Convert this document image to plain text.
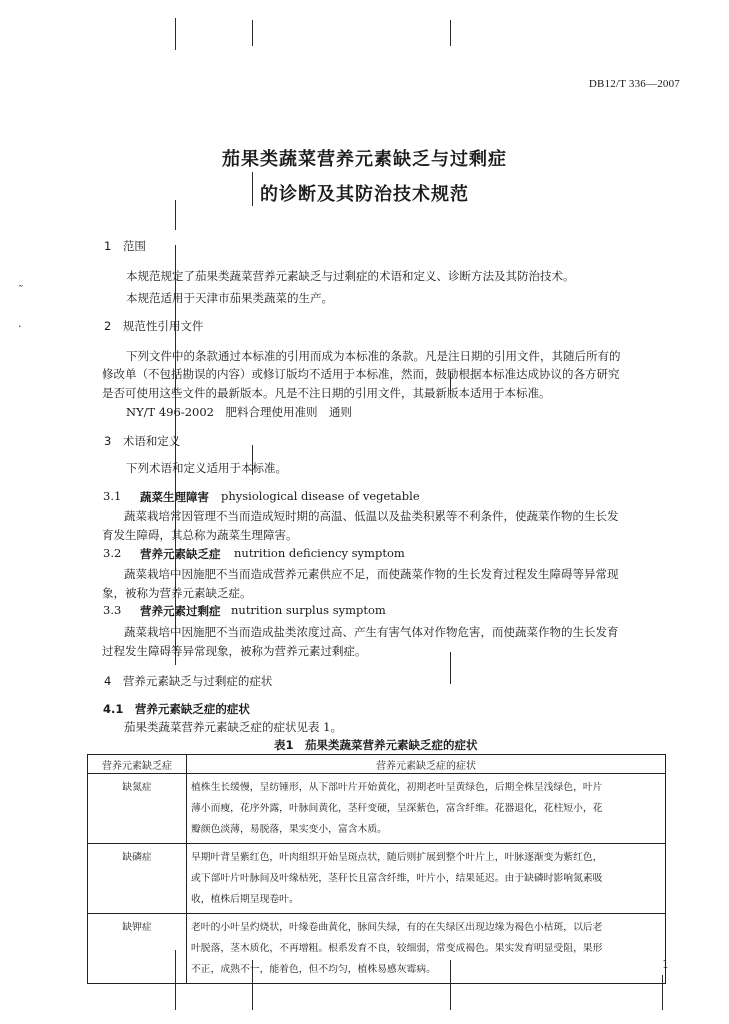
˜
·
DB12/T 336—2007
茄果类蔬菜营养元素缺乏与过剩症
的诊断及其防治技术规范
1　范围
本规范规定了茄果类蔬菜营养元素缺乏与过剩症的术语和定义、诊断方法及其防治技术。
本规范适用于天津市茄果类蔬菜的生产。
2　规范性引用文件
下列文件中的条款通过本标准的引用而成为本标准的条款。凡是注日期的引用文件，其随后所有的
修改单（不包括勘误的内容）或修订版均不适用于本标准，然而，鼓励根据本标准达成协议的各方研究
是否可使用这些文件的最新版本。凡是不注日期的引用文件，其最新版本适用于本标准。
NY/T 496-2002　肥料合理使用准则　通则
3　术语和定义
下列术语和定义适用于本标准。
3.1 蔬菜生理障害 physiological disease of vegetable
蔬菜栽培常因管理不当而造成短时期的高温、低温以及盐类积累等不利条件，使蔬菜作物的生长发
育发生障碍，其总称为蔬菜生理障害。
3.2 营养元素缺乏症 nutrition deficiency symptom
蔬菜栽培中因施肥不当而造成营养元素供应不足，而使蔬菜作物的生长发育过程发生障碍等异常现
象，被称为营养元素缺乏症。
3.3 营养元素过剩症 nutrition surplus symptom
蔬菜栽培中因施肥不当而造成盐类浓度过高、产生有害气体对作物危害，而使蔬菜作物的生长发育
过程发生障碍等异常现象，被称为营养元素过剩症。
4　营养元素缺乏与过剩症的症状
4.1　营养元素缺乏症的症状
茄果类蔬菜营养元素缺乏症的症状见表 1。
表1　茄果类蔬菜营养元素缺乏症的症状
营养元素缺乏症	营养元素缺乏症的症状
缺氮症	植株生长缓慢，呈纺锤形，从下部叶片开始黄化，初期老叶呈黄绿色，后期全株呈浅绿色，叶片
薄小而瘦，花序外露，叶脉间黄化，茎秆变硬，呈深紫色，富含纤维。花器退化，花柱短小，花
瓣颜色淡薄，易脱落，果实变小，富含木质。

缺磷症	早期叶背呈紫红色，叶肉组织开始呈斑点状，随后则扩展到整个叶片上，叶脉逐渐变为紫红色，
或下部叶片叶脉间及叶缘枯死，茎秆长且富含纤维，叶片小，结果延迟。由于缺磷时影响氮素吸
收，植株后期呈现卷叶。

缺钾症	老叶的小叶呈灼烧状，叶缘卷曲黄化，脉间失绿，有的在失绿区出现边缘为褐色小枯斑，以后老
叶脱落，茎木质化，不再增粗。根系发育不良，较细弱，常变成褐色。果实发育明显受阻，果形
不正，成熟不一，能着色，但不均匀，植株易感灰霉病。	1
